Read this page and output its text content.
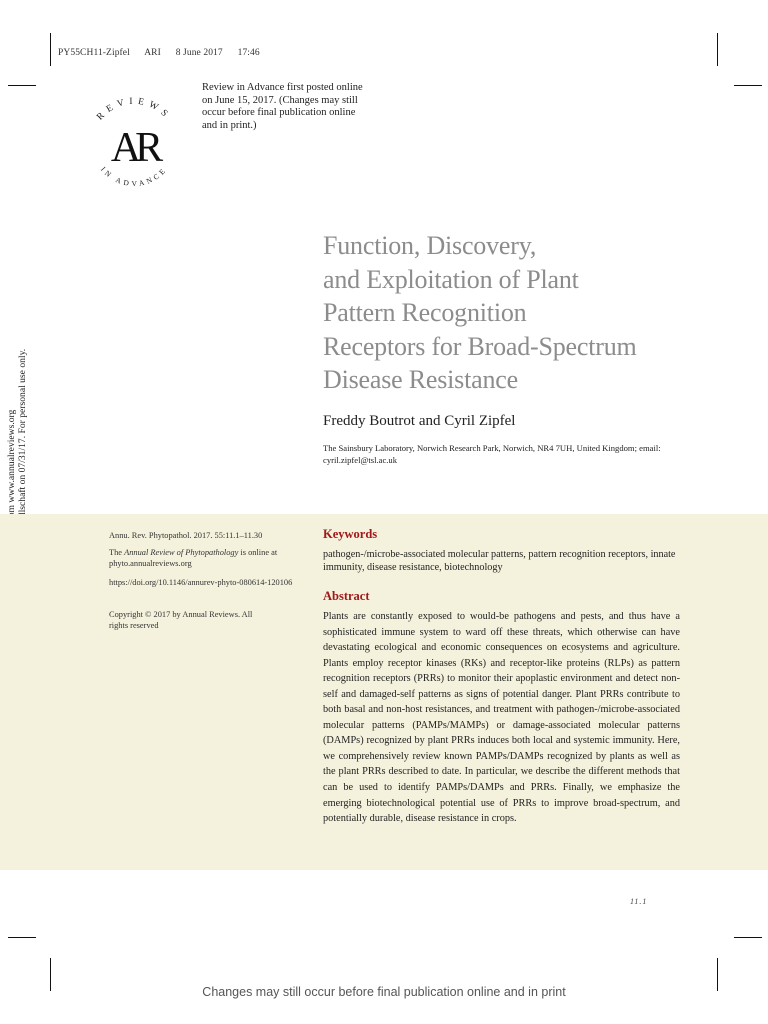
PY55CH11-Zipfel ARI 8 June 2017 17:46
REVIEWS
IN ADVANCE
AR
Review in Advance first posted online on June 15, 2017. (Changes may still occur before final publication online and in print.)
Function, Discovery,
and Exploitation of Plant
Pattern Recognition
Receptors for Broad-Spectrum
Disease Resistance
Freddy Boutrot and Cyril Zipfel
The Sainsbury Laboratory, Norwich Research Park, Norwich, NR4 7UH, United Kingdom; email: cyril.zipfel@tsl.ac.uk
Annu. Rev. Phytopathol. 2017. 55:11.1–11.30
The Annual Review of Phytopathology is online at phyto.annualreviews.org
https://doi.org/10.1146/annurev-phyto-080614-120106
Copyright © 2017 by Annual Reviews. All rights reserved
Keywords
pathogen-/microbe-associated molecular patterns, pattern recognition receptors, innate immunity, disease resistance, biotechnology
Abstract
Plants are constantly exposed to would-be pathogens and pests, and thus have a sophisticated immune system to ward off these threats, which otherwise can have devastating ecological and economic consequences on ecosystems and agriculture. Plants employ receptor kinases (RKs) and receptor-like proteins (RLPs) as pattern recognition receptors (PRRs) to monitor their apoplastic environment and detect non-self and damaged-self patterns as signs of potential danger. Plant PRRs contribute to both basal and non-host resistances, and treatment with pathogen-/microbe-associated molecular patterns (PAMPs/MAMPs) or damage-associated molecular patterns (DAMPs) recognized by plant PRRs induces both local and systemic immunity. Here, we comprehensively review known PAMPs/DAMPs recognized by plants as well as the plant PRRs described to date. In particular, we describe the different methods that can be used to identify PAMPs/DAMPs and PRRs. Finally, we emphasize the emerging biotechnological potential use of PRRs to improve broad-spectrum, and potentially durable, disease resistance in crops.
11.1
Changes may still occur before final publication online and in print
